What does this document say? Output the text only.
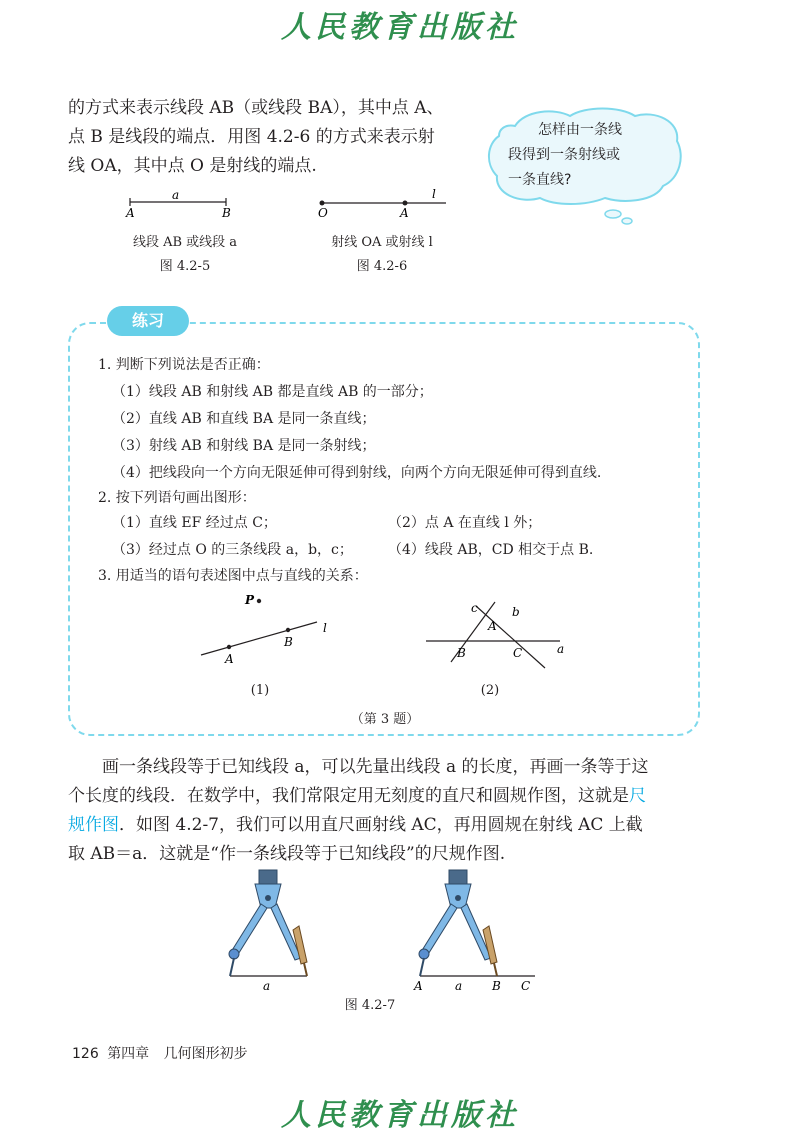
人民教育出版社

的方式来表示线段 AB（或线段 BA），其中点 A、

点 B 是线段的端点．用图 4.2-6 的方式来表示射

线 OA，其中点 O 是射线的端点.

怎样由一条线

段得到一条射线或

一条直线?

a
A	B
线段 AB 或线段 a
图 4.2-5
l
O	A
射线 OA 或射线 l
图 4.2-6
练习
1. 判断下列说法是否正确：
（1）线段 AB 和射线 AB 都是直线 AB 的一部分；
（2）直线 AB 和直线 BA 是同一条直线；
（3）射线 AB 和射线 BA 是同一条射线；
（4）把线段向一个方向无限延伸可得到射线，向两个方向无限延伸可得到直线.
2. 按下列语句画出图形：
（1）直线 EF 经过点 C；	（2）点 A 在直线 l 外；
（3）经过点 O 的三条线段 a，b，c；	（4）线段 AB，CD 相交于点 B.
3. 用适当的语句表述图中点与直线的关系：
P
l
A
B
(1)
c	b
A
B	C	a
(2)
（第 3 题）

画一条线段等于已知线段 a，可以先量出线段 a 的长度，再画一条等于这

个长度的线段．在数学中，我们常限定用无刻度的直尺和圆规作图，这就是尺

规作图．如图 4.2-7，我们可以用直尺画射线 AC，再用圆规在射线 AC 上截

取 AB＝a．这就是“作一条线段等于已知线段”的尺规作图.

a	A	a B C
图 4.2-7
126 第四章 几何图形初步
人民教育出版社
